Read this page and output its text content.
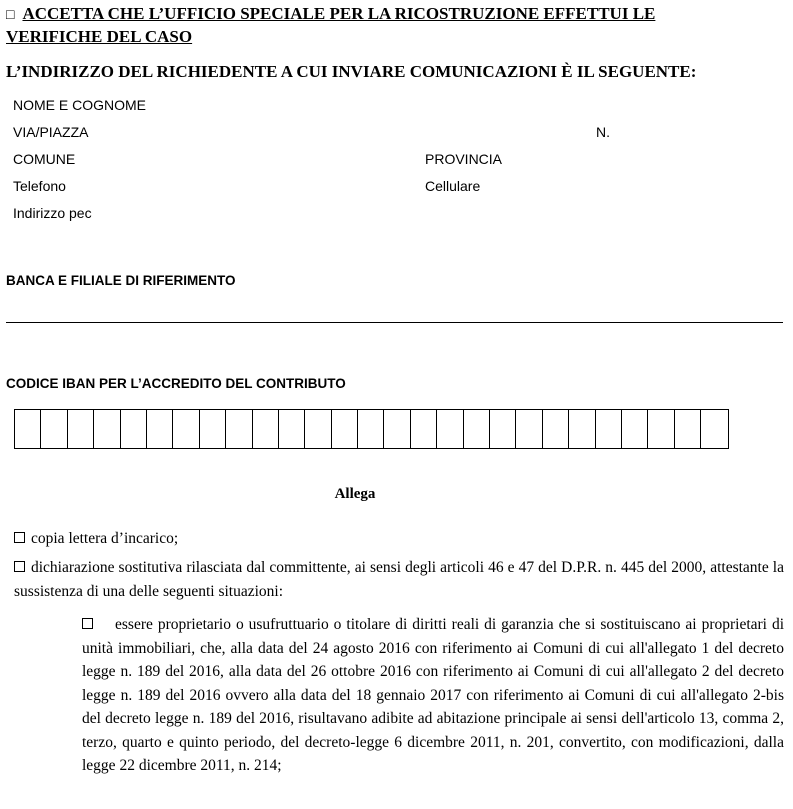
□ ACCETTA CHE L’UFFICIO SPECIALE PER LA RICOSTRUZIONE EFFETTUI LE
VERIFICHE DEL CASO
L’INDIRIZZO DEL RICHIEDENTE A CUI INVIARE COMUNICAZIONI È IL SEGUENTE:
NOME E COGNOME
VIA/PIAZZA	N.
COMUNE	PROVINCIA
Telefono	Cellulare
Indirizzo pec
BANCA E FILIALE DI RIFERIMENTO
CODICE IBAN PER L’ACCREDITO DEL CONTRIBUTO
Allega
copia lettera d’incarico;
dichiarazione sostitutiva rilasciata dal committente, ai sensi degli articoli 46 e 47 del D.P.R. n. 445 del 2000, attestante la sussistenza di una delle seguenti situazioni:
essere proprietario o usufruttuario o titolare di diritti reali di garanzia che si sostituiscano ai proprietari di unità immobiliari, che, alla data del 24 agosto 2016 con riferimento ai Comuni di cui all'allegato 1 del decreto legge n. 189 del 2016, alla data del 26 ottobre 2016 con riferimento ai Comuni di cui all'allegato 2 del decreto legge n. 189 del 2016 ovvero alla data del 18 gennaio 2017 con riferimento ai Comuni di cui all'allegato 2-bis del decreto legge n. 189 del 2016, risultavano adibite ad abitazione principale ai sensi dell'articolo 13, comma 2, terzo, quarto e quinto periodo, del decreto-legge 6 dicembre 2011, n. 201, convertito, con modificazioni, dalla legge 22 dicembre 2011, n. 214;
